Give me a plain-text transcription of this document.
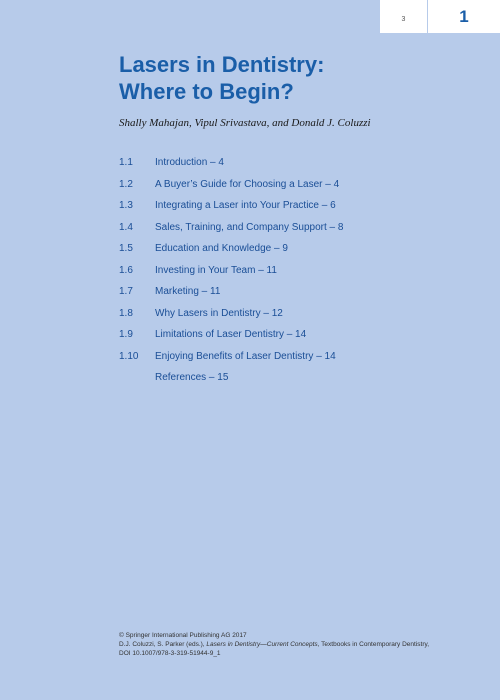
3	1
Lasers in Dentistry:
Where to Begin?
Shally Mahajan, Vipul Srivastava, and Donald J. Coluzzi
1.1	Introduction – 4
1.2	A Buyer’s Guide for Choosing a Laser – 4
1.3	Integrating a Laser into Your Practice – 6
1.4	Sales, Training, and Company Support – 8
1.5	Education and Knowledge – 9
1.6	Investing in Your Team – 11
1.7	Marketing – 11
1.8	Why Lasers in Dentistry – 12
1.9	Limitations of Laser Dentistry – 14
1.10	Enjoying Benefits of Laser Dentistry – 14
References – 15
© Springer International Publishing AG 2017
D.J. Coluzzi, S. Parker (eds.), Lasers in Dentistry—Current Concepts, Textbooks in Contemporary Dentistry,
DOI 10.1007/978-3-319-51944-9_1
